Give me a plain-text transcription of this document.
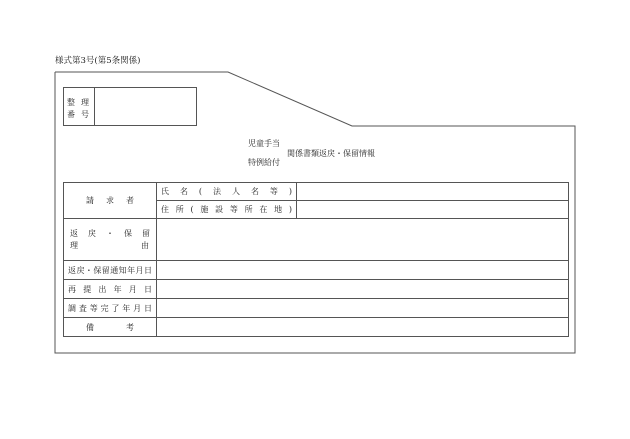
様式第3号(第5条関係)
整 理
番 号
児童手当
特例給付
関係書類返戻・保留情報
請 求 者	氏名(法人名等)	

	住所(施設等所在地)	

返戻・保留
理由		

返戻・保留通知年月日		

再提出年月日		

調査等完了年月日		

備 考		
